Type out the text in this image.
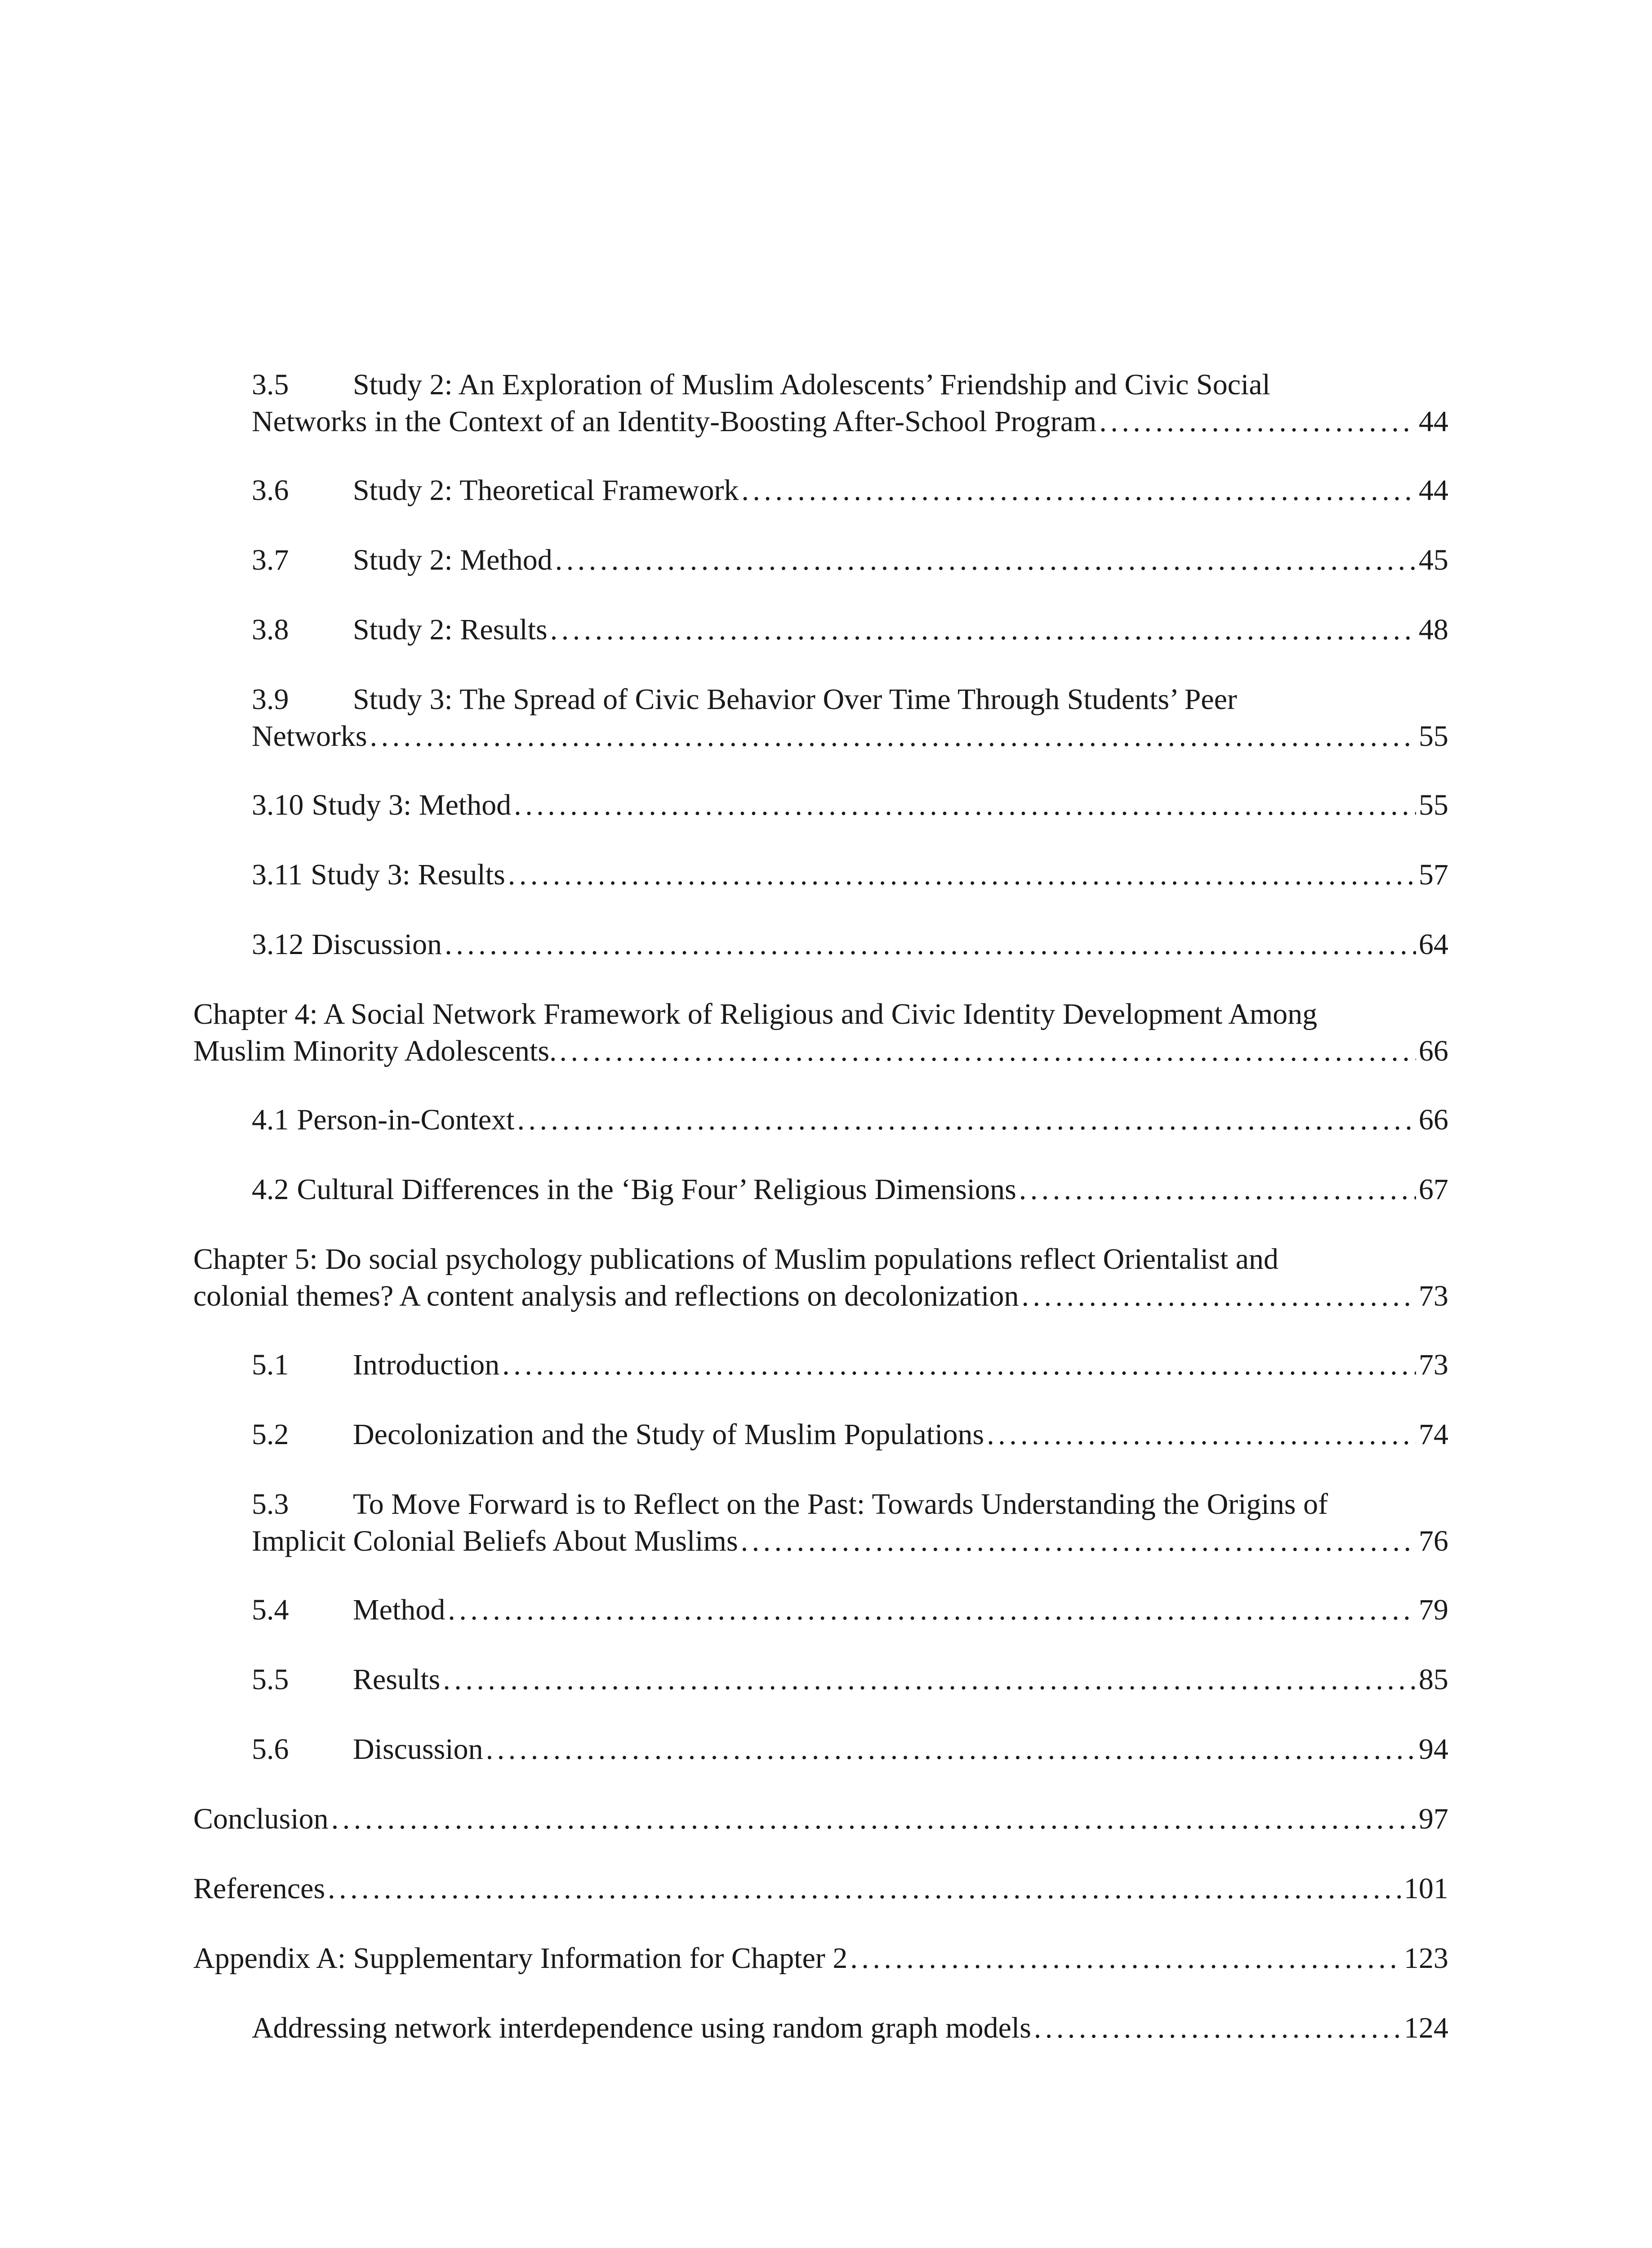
3.5	Study 2: An Exploration of Muslim Adolescents’ Friendship and Civic Social
Networks in the Context of an Identity-Boosting After-School Program . . .	44
3.6	Study 2: Theoretical Framework . . .	44
3.7	Study 2: Method . . .	45
3.8	Study 2: Results . . .	48
3.9	Study 3: The Spread of Civic Behavior Over Time Through Students’ Peer
Networks . . .	55
3.10 Study 3: Method . . .	55
3.11 Study 3: Results . . .	57
3.12 Discussion . . .	64
Chapter 4: A Social Network Framework of Religious and Civic Identity Development Among
Muslim Minority Adolescents. . . .	66
4.1 Person-in-Context . . .	66
4.2 Cultural Differences in the ‘Big Four’ Religious Dimensions . . .	67
Chapter 5: Do social psychology publications of Muslim populations reflect Orientalist and
colonial themes? A content analysis and reflections on decolonization . . .	73
5.1	Introduction . . .	73
5.2	Decolonization and the Study of Muslim Populations . . .	74
5.3	To Move Forward is to Reflect on the Past: Towards Understanding the Origins of
Implicit Colonial Beliefs About Muslims . . .	76
5.4	Method . . .	79
5.5	Results . . .	85
5.6	Discussion . . .	94
Conclusion . . .	97
References . . .	101
Appendix A: Supplementary Information for Chapter 2 . . .	123
Addressing network interdependence using random graph models . . .	124
